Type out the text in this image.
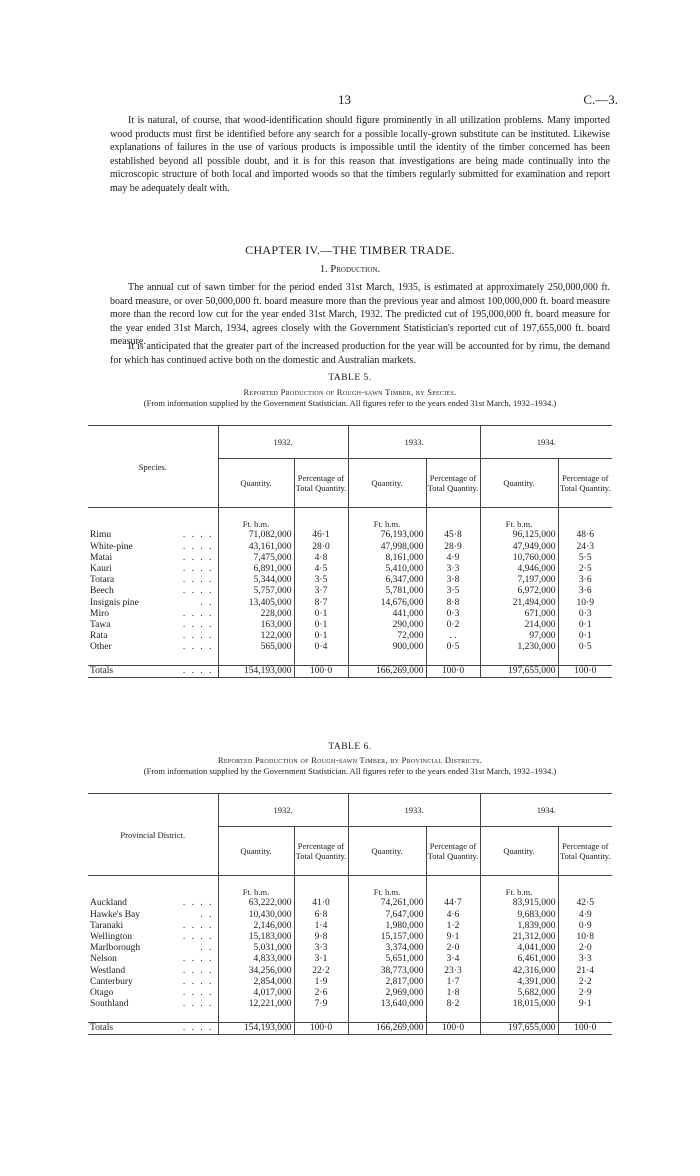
13	C.—3.

It is natural, of course, that wood-identification should figure prominently in all utilization problems. Many imported wood products must first be identified before any search for a possible locally-grown substitute can be instituted. Likewise explanations of failures in the use of various products is impossible until the identity of the timber concerned has been established beyond all possible doubt, and it is for this reason that investigations are being made continually into the microscopic structure of both local and imported woods so that the timbers regularly submitted for examination and report may be adequately dealt with.

CHAPTER IV.—THE TIMBER TRADE.
1. Production.

The annual cut of sawn timber for the period ended 31st March, 1935, is estimated at approximately 250,000,000 ft. board measure, or over 50,000,000 ft. board measure more than the previous year and almost 100,000,000 ft. board measure more than the record low cut for the year ended 31st March, 1932. The predicted cut of 195,000,000 ft. board measure for the year ended 31st March, 1934, agrees closely with the Government Statistician's reported cut of 197,655,000 ft. board measure.

It is anticipated that the greater part of the increased production for the year will be accounted for by rimu, the demand for which has continued active both on the domestic and Australian markets.

TABLE 5.
Reported Production of Rough-sawn Timber, by Species.
(From information supplied by the Government Statistician. All figures refer to the years ended 31st March, 1932–1934.)
Species.	1932.		1933.		1934.	
	Quantity.	Percentage of Total Quantity.	Quantity.	Percentage of Total Quantity.	Quantity.	Percentage of Total Quantity.

	Ft. b.m.		Ft. b.m.		Ft. b.m.	
Rimu . . . .	71,082,000	46·1	76,193,000	45·8	96,125,000	48·6
White-pine . . . .	43,161,000	28·0	47,998,000	28·9	47,949,000	24·3
Matai . . . .	7,475,000	4·8	8,161,000	4·9	10,760,000	5·5
Kauri . . . .	6,891,000	4·5	5,410,000	3·3	4,946,000	2·5
Totara . . . .	5,344,000	3·5	6,347,000	3·8	7,197,000	3·6
Beech . . . .	5,757,000	3·7	5,781,000	3·5	6,972,000	3·6
Insignis pine . .	13,405,000	8·7	14,676,000	8·8	21,494,000	10·9
Miro . . . .	228,000	0·1	441,000	0·3	671,000	0·3
Tawa . . . .	163,000	0·1	290,000	0·2	214,000	0·1
Rata . . . .	122,000	0·1	72,000	. .	97,000	0·1
Other . . . .	565,000	0·4	900,000	0·5	1,230,000	0·5

Totals . . . .	154,193,000	100·0	166,269,000	100·0	197,655,000	100·0
TABLE 6.
Reported Production of Rough-sawn Timber, by Provincial Districts.
(From information supplied by the Government Statistician. All figures refer to the years ended 31st March, 1932–1934.)
Provincial District.	1932.		1933.		1934.	
	Quantity.	Percentage of Total Quantity.	Quantity.	Percentage of Total Quantity.	Quantity.	Percentage of Total Quantity.

	Ft. b.m.		Ft. b.m.		Ft. b.m.	
Auckland . . . .	63,222,000	41·0	74,261,000	44·7	83,915,000	42·5
Hawke's Bay . .	10,430,000	6·8	7,647,000	4·6	9,683,000	4·9
Taranaki . . . .	2,146,000	1·4	1,980,000	1·2	1,839,000	0·9
Wellington . . . .	15,183,000	9·8	15,157,000	9·1	21,312,000	10·8
Marlborough . .	5,031,000	3·3	3,374,000	2·0	4,041,000	2·0
Nelson . . . .	4,833,000	3·1	5,651,000	3·4	6,461,000	3·3
Westland . . . .	34,256,000	22·2	38,773,000	23·3	42,316,000	21·4
Canterbury . . . .	2,854,000	1·9	2,817,000	1·7	4,391,000	2·2
Otago . . . .	4,017,000	2·6	2,969,000	1·8	5,682,000	2·9
Southland . . . .	12,221,000	7·9	13,640,000	8·2	18,015,000	9·1

Totals . . . .	154,193,000	100·0	166,269,000	100·0	197,655,000	100·0
